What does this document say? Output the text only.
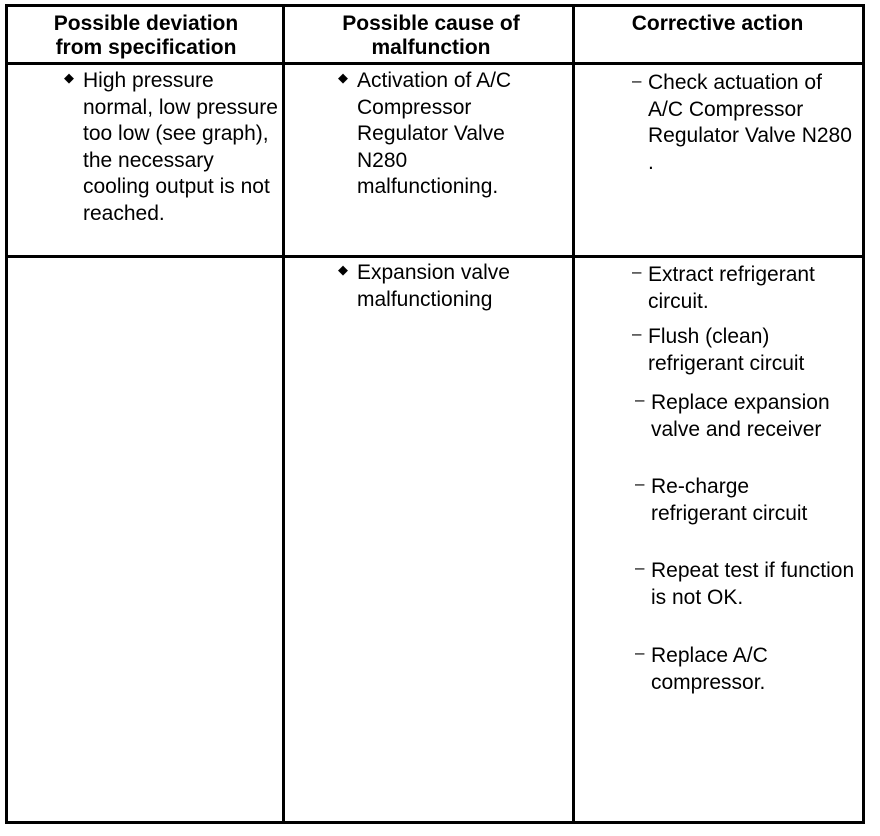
Possible deviation from specification
Possible cause of malfunction
Corrective action
◆ High pressure normal, low pressure too low (see graph), the necessary cooling output is not reached.
◆ Activation of A/C Compressor Regulator Valve N280 malfunctioning.
– Check actuation of A/C Compressor Regulator Valve N280 .
◆ Expansion valve malfunctioning
– Extract refrigerant circuit.
– Flush (clean) refrigerant circuit
– Replace expansion valve and receiver
– Re-charge refrigerant circuit
– Repeat test if function is not OK.
– Replace A/C compressor.
